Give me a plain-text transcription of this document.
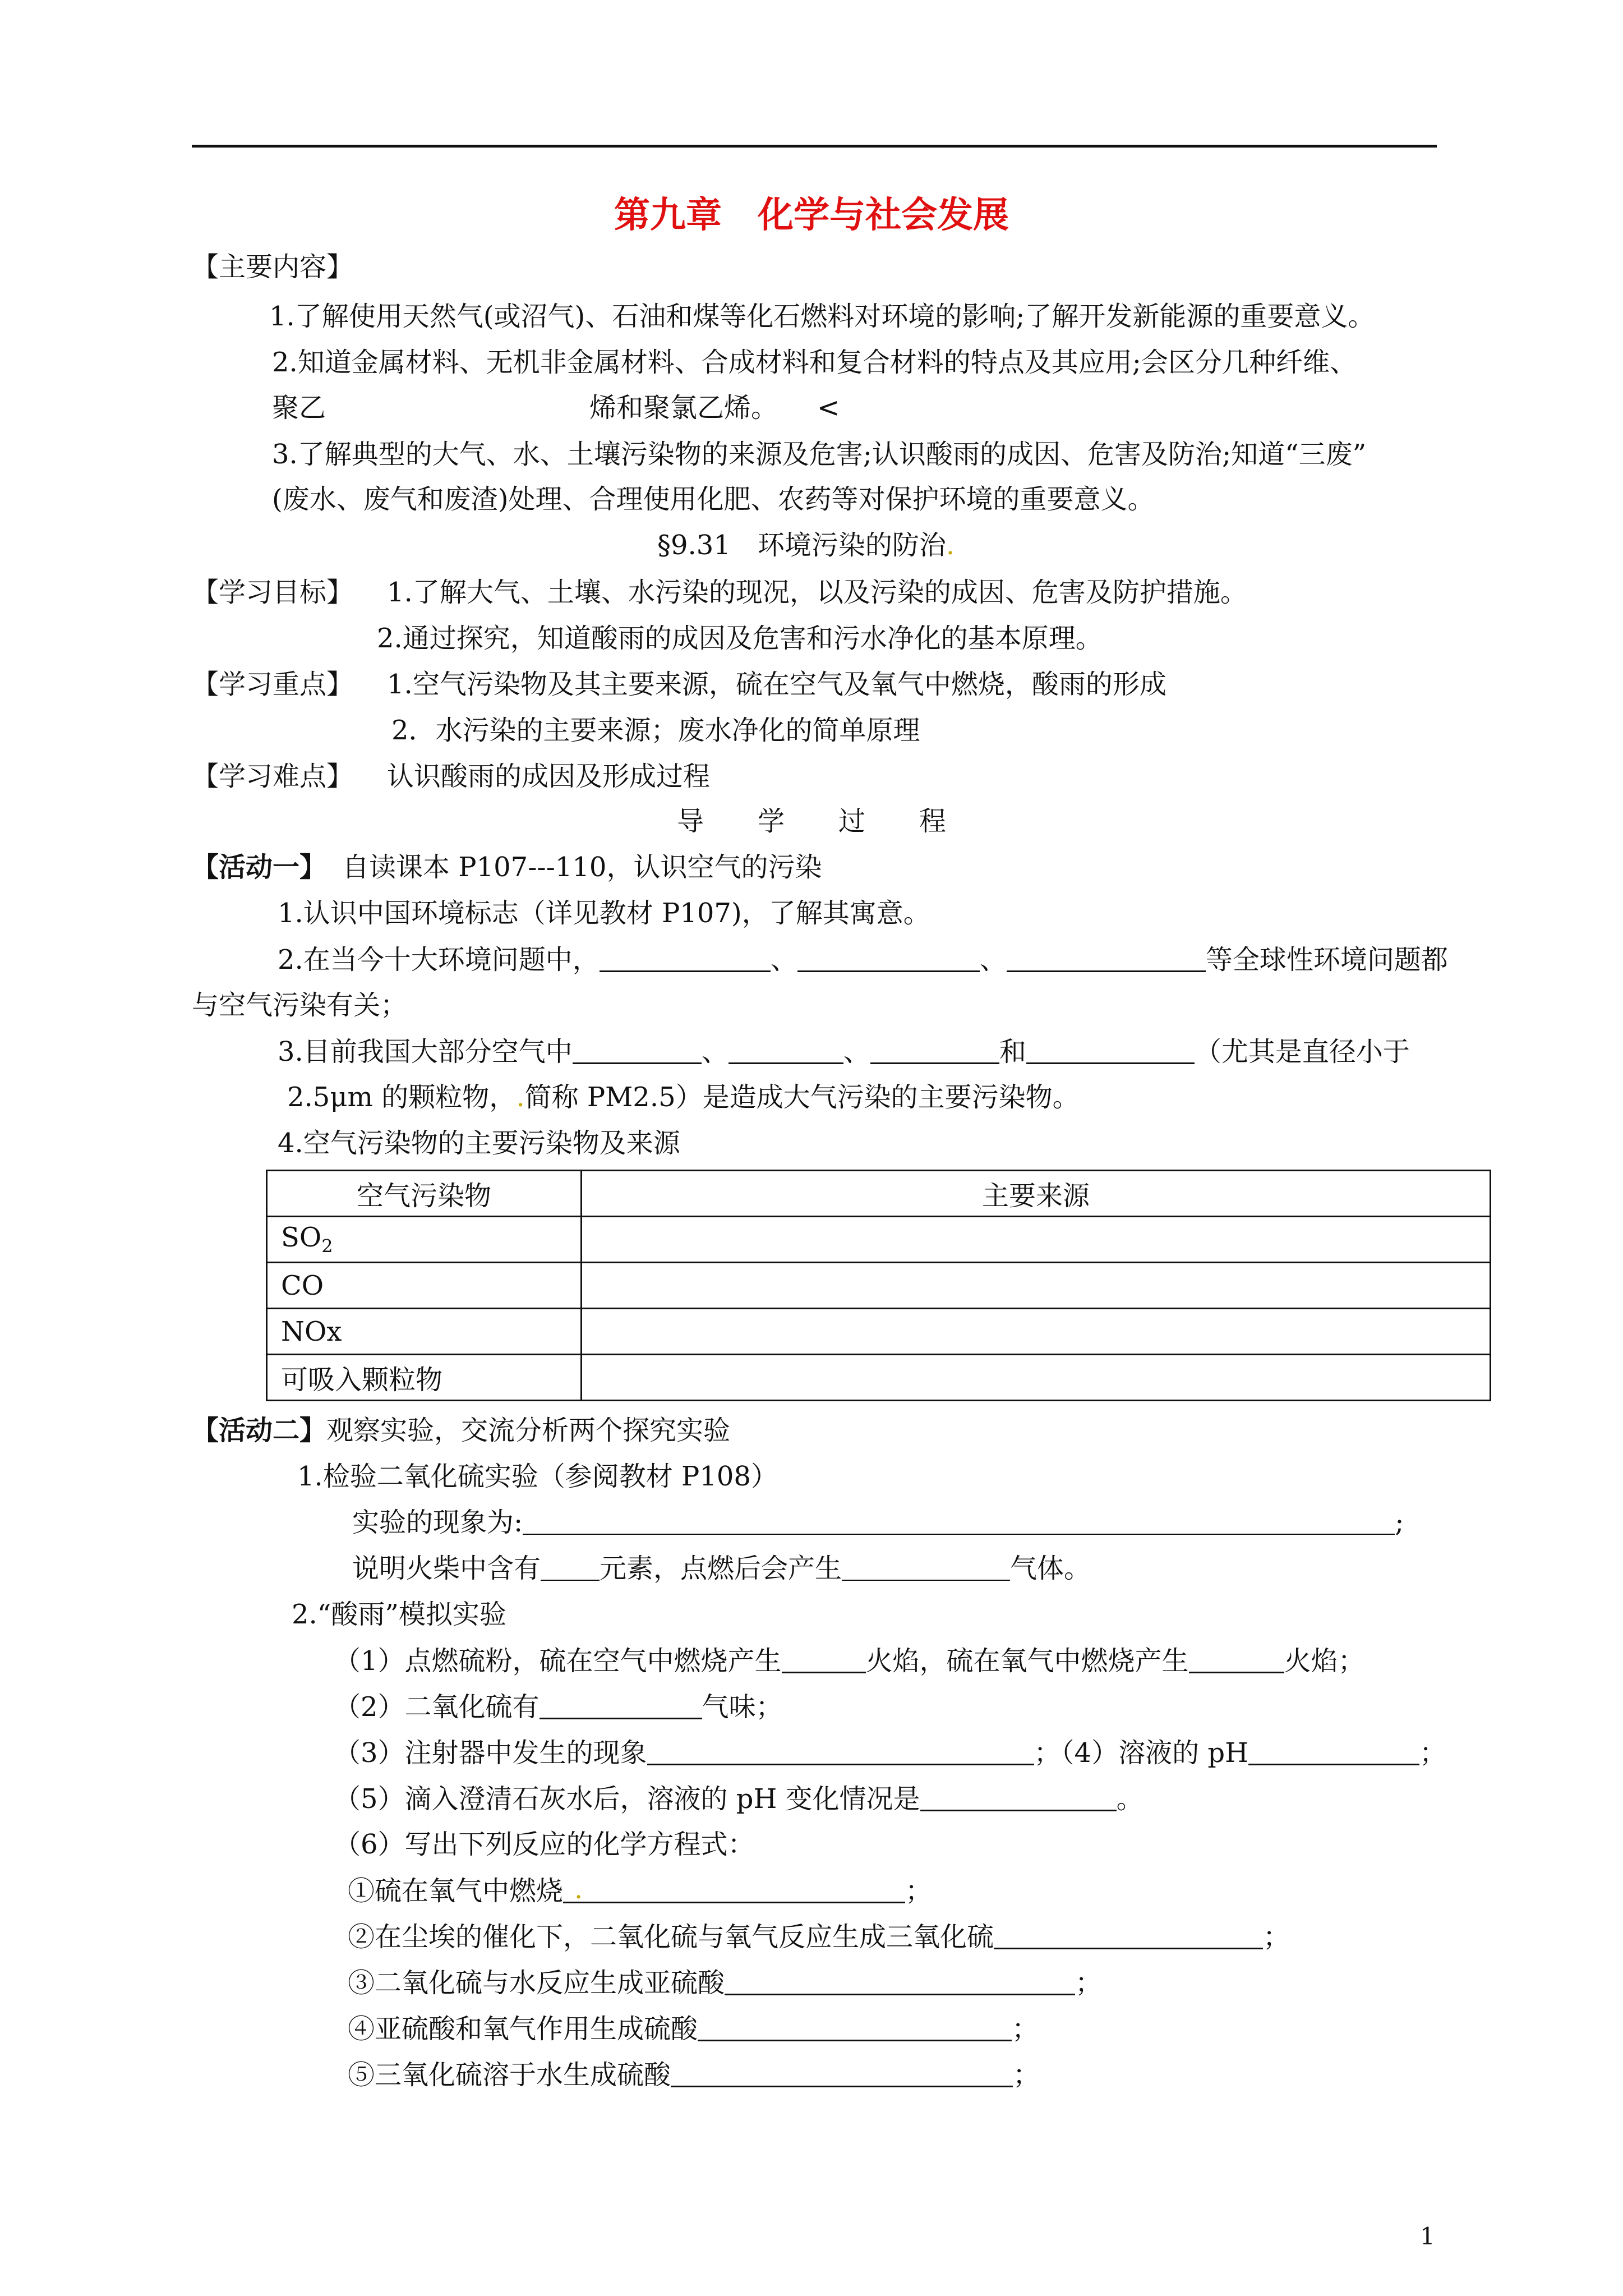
第九章　化学与社会发展
【主要内容】
1.了解使用天然气(或沼气)、石油和煤等化石燃料对环境的影响;了解开发新能源的重要意义。
2.知道金属材料、无机非金属材料、合成材料和复合材料的特点及其应用;会区分几种纤维、
聚乙	烯和聚氯乙烯。 <
3.了解典型的大气、水、土壤污染物的来源及危害;认识酸雨的成因、危害及防治;知道“三废”
(废水、废气和废渣)处理、合理使用化肥、农药等对保护环境的重要意义。
§9.31　环境污染的防治.
【学习目标】 1.了解大气、土壤、水污染的现况，以及污染的成因、危害及防护措施。
2.通过探究，知道酸雨的成因及危害和污水净化的基本原理。
【学习重点】 1.空气污染物及其主要来源，硫在空气及氧气中燃烧，酸雨的形成
2．水污染的主要来源；废水净化的简单原理
【学习难点】 认识酸雨的成因及形成过程
导　　学　　过　　程
【活动一】 自读课本 P107---110，认识空气的污染
1.认识中国环境标志（详见教材 P107)，了解其寓意。
2.在当今十大环境问题中，	、	、	等全球性环境问题都
与空气污染有关；
3.目前我国大部分空气中	、	、	和	（尤其是直径小于
2.5μm 的颗粒物，.简称 PM2.5）是造成大气污染的主要污染物。
4.空气污染物的主要污染物及来源
空气污染物	主要来源
$SO_2$	
CO	
NOx	
可吸入颗粒物	
【活动二】观察实验，交流分析两个探究实验
1.检验二氧化硫实验（参阅教材 P108）
实验的现象为:	;
说明火柴中含有 元素，点燃后会产生	气体。
2.“酸雨”模拟实验
（1）点燃硫粉，硫在空气中燃烧产生	火焰，硫在氧气中燃烧产生	火焰；
（2）二氧化硫有	气味；
（3）注射器中发生的现象	；（4）溶液的 pH	；
（5）滴入澄清石灰水后，溶液的 pH 变化情况是	。
（6）写出下列反应的化学方程式：
①硫在氧气中燃烧 .	；
②在尘埃的催化下，二氧化硫与氧气反应生成三氧化硫	；
③二氧化硫与水反应生成亚硫酸	；
④亚硫酸和氧气作用生成硫酸	；
⑤三氧化硫溶于水生成硫酸	；
1
